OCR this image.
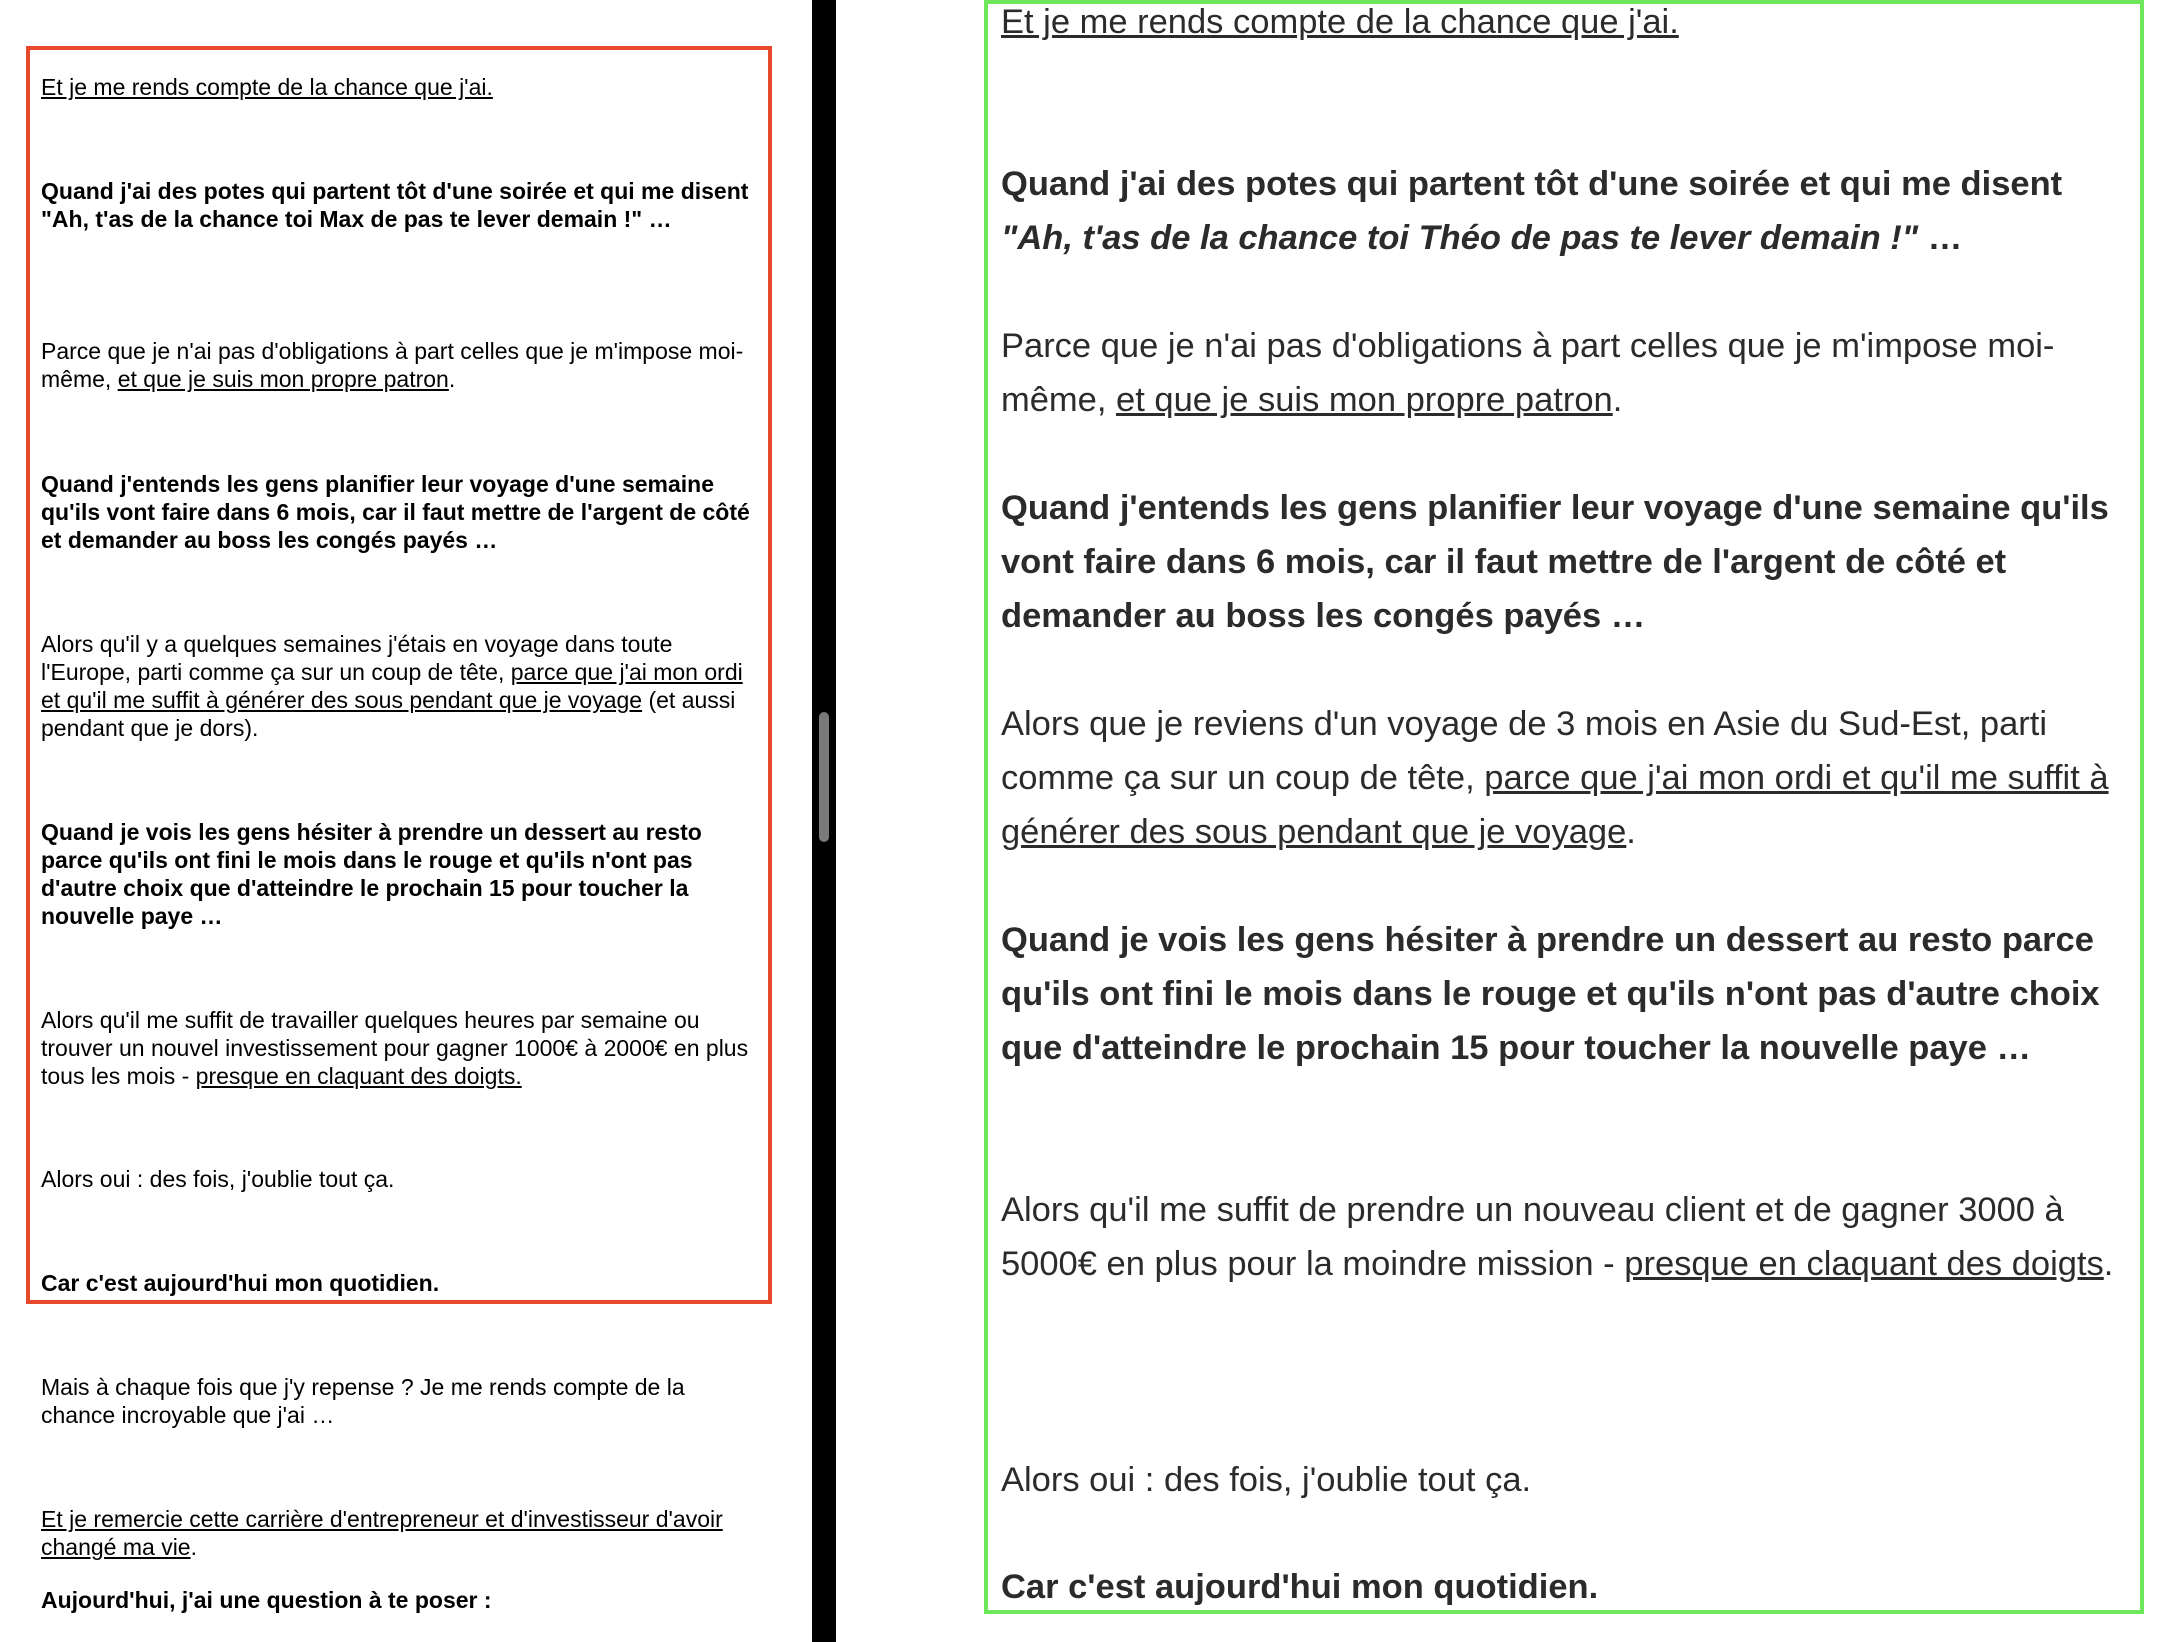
Et je me rends compte de la chance que j'ai.

Quand j'ai des potes qui partent tôt d'une soirée et qui me disent "Ah, t'as de la chance toi Max de pas te lever demain !" …

Parce que je n'ai pas d'obligations à part celles que je m'impose moi-même, et que je suis mon propre patron.

Quand j'entends les gens planifier leur voyage d'une semaine qu'ils vont faire dans 6 mois, car il faut mettre de l'argent de côté et demander au boss les congés payés …

Alors qu'il y a quelques semaines j'étais en voyage dans toute l'Europe, parti comme ça sur un coup de tête, parce que j'ai mon ordi et qu'il me suffit à générer des sous pendant que je voyage (et aussi pendant que je dors).

Quand je vois les gens hésiter à prendre un dessert au resto parce qu'ils ont fini le mois dans le rouge et qu'ils n'ont pas d'autre choix que d'atteindre le prochain 15 pour toucher la nouvelle paye …

Alors qu'il me suffit de travailler quelques heures par semaine ou trouver un nouvel investissement pour gagner 1000€ à 2000€ en plus tous les mois - presque en claquant des doigts.

Alors oui : des fois, j'oublie tout ça.

Car c'est aujourd'hui mon quotidien.

Mais à chaque fois que j'y repense ? Je me rends compte de la chance incroyable que j'ai …

Et je remercie cette carrière d'entrepreneur et d'investisseur d'avoir changé ma vie.

Aujourd'hui, j'ai une question à te poser :

Et je me rends compte de la chance que j'ai.

Quand j'ai des potes qui partent tôt d'une soirée et qui me disent "Ah, t'as de la chance toi Théo de pas te lever demain !" …

Parce que je n'ai pas d'obligations à part celles que je m'impose moi-même, et que je suis mon propre patron.

Quand j'entends les gens planifier leur voyage d'une semaine qu'ils vont faire dans 6 mois, car il faut mettre de l'argent de côté et demander au boss les congés payés …

Alors que je reviens d'un voyage de 3 mois en Asie du Sud-Est, parti comme ça sur un coup de tête, parce que j'ai mon ordi et qu'il me suffit à générer des sous pendant que je voyage.

Quand je vois les gens hésiter à prendre un dessert au resto parce qu'ils ont fini le mois dans le rouge et qu'ils n'ont pas d'autre choix que d'atteindre le prochain 15 pour toucher la nouvelle paye …

Alors qu'il me suffit de prendre un nouveau client et de gagner 3000 à 5000€ en plus pour la moindre mission - presque en claquant des doigts.

Alors oui : des fois, j'oublie tout ça.

Car c'est aujourd'hui mon quotidien.
